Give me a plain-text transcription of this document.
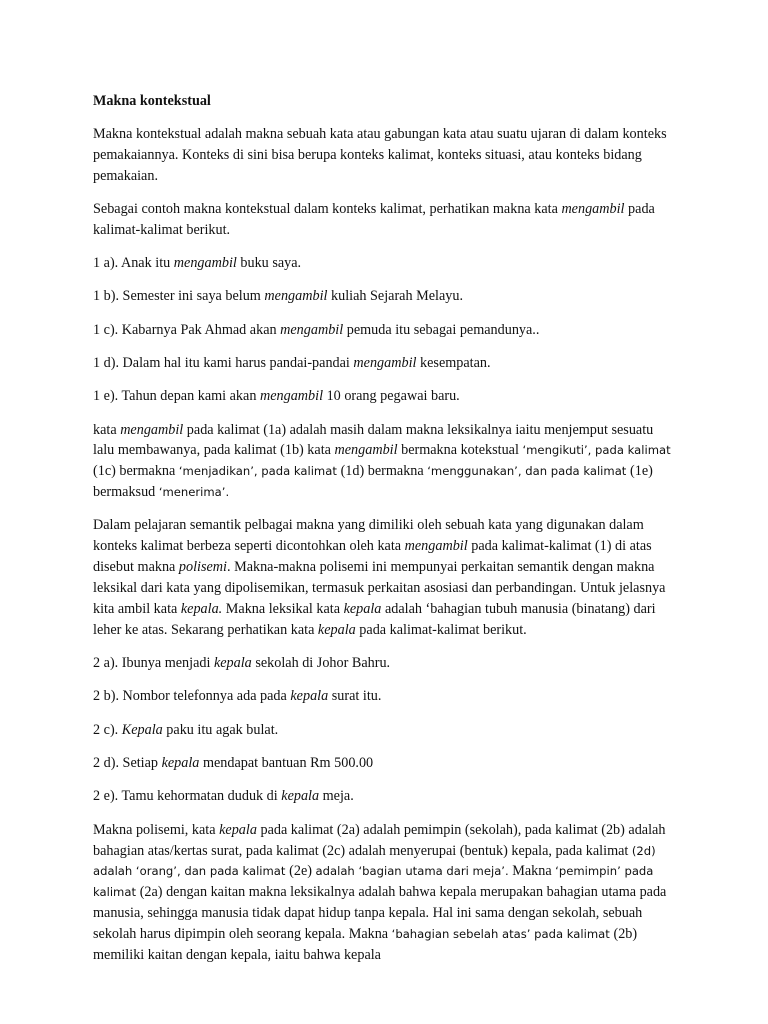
Makna kontekstual

Makna kontekstual adalah makna sebuah kata atau gabungan kata atau suatu ujaran di dalam konteks pemakaiannya. Konteks di sini bisa berupa konteks kalimat, konteks situasi, atau konteks bidang pemakaian.

Sebagai contoh makna kontekstual dalam konteks kalimat, perhatikan makna kata mengambil pada kalimat-kalimat berikut.

1 a). Anak itu mengambil buku saya.

1 b). Semester ini saya belum mengambil kuliah Sejarah Melayu.

1 c). Kabarnya Pak Ahmad akan mengambil pemuda itu sebagai pemandunya..

1 d). Dalam hal itu kami harus pandai-pandai mengambil kesempatan.

1 e). Tahun depan kami akan mengambil 10 orang pegawai baru.

kata mengambil pada kalimat (1a) adalah masih dalam makna leksikalnya iaitu menjemput sesuatu lalu membawanya, pada kalimat (1b) kata mengambil bermakna kotekstual ‘mengikuti’, pada kalimat (1c) bermakna ‘menjadikan’, pada kalimat (1d) bermakna ‘menggunakan’, dan pada kalimat (1e) bermaksud ‘menerima’.

Dalam pelajaran semantik pelbagai makna yang dimiliki oleh sebuah kata yang digunakan dalam konteks kalimat berbeza seperti dicontohkan oleh kata mengambil pada kalimat-kalimat (1) di atas disebut makna polisemi. Makna-makna polisemi ini mempunyai perkaitan semantik dengan makna leksikal dari kata yang dipolisemikan, termasuk perkaitan asosiasi dan perbandingan. Untuk jelasnya kita ambil kata kepala. Makna leksikal kata kepala adalah ‘bahagian tubuh manusia (binatang) dari leher ke atas. Sekarang perhatikan kata kepala pada kalimat-kalimat berikut.

2 a). Ibunya menjadi kepala sekolah di Johor Bahru.

2 b). Nombor telefonnya ada pada kepala surat itu.

2 c). Kepala paku itu agak bulat.

2 d). Setiap kepala mendapat bantuan Rm 500.00

2 e). Tamu kehormatan duduk di kepala meja.

Makna polisemi, kata kepala pada kalimat (2a) adalah pemimpin (sekolah), pada kalimat (2b) adalah bahagian atas/kertas surat, pada kalimat (2c) adalah menyerupai (bentuk) kepala, pada kalimat (2d) adalah ‘orang’, dan pada kalimat (2e) adalah ‘bagian utama dari meja’. Makna ‘pemimpin’ pada kalimat (2a) dengan kaitan makna leksikalnya adalah bahwa kepala merupakan bahagian utama pada manusia, sehingga manusia tidak dapat hidup tanpa kepala. Hal ini sama dengan sekolah, sebuah sekolah harus dipimpin oleh seorang kepala. Makna ‘bahagian sebelah atas’ pada kalimat (2b) memiliki kaitan dengan kepala, iaitu bahwa kepala
